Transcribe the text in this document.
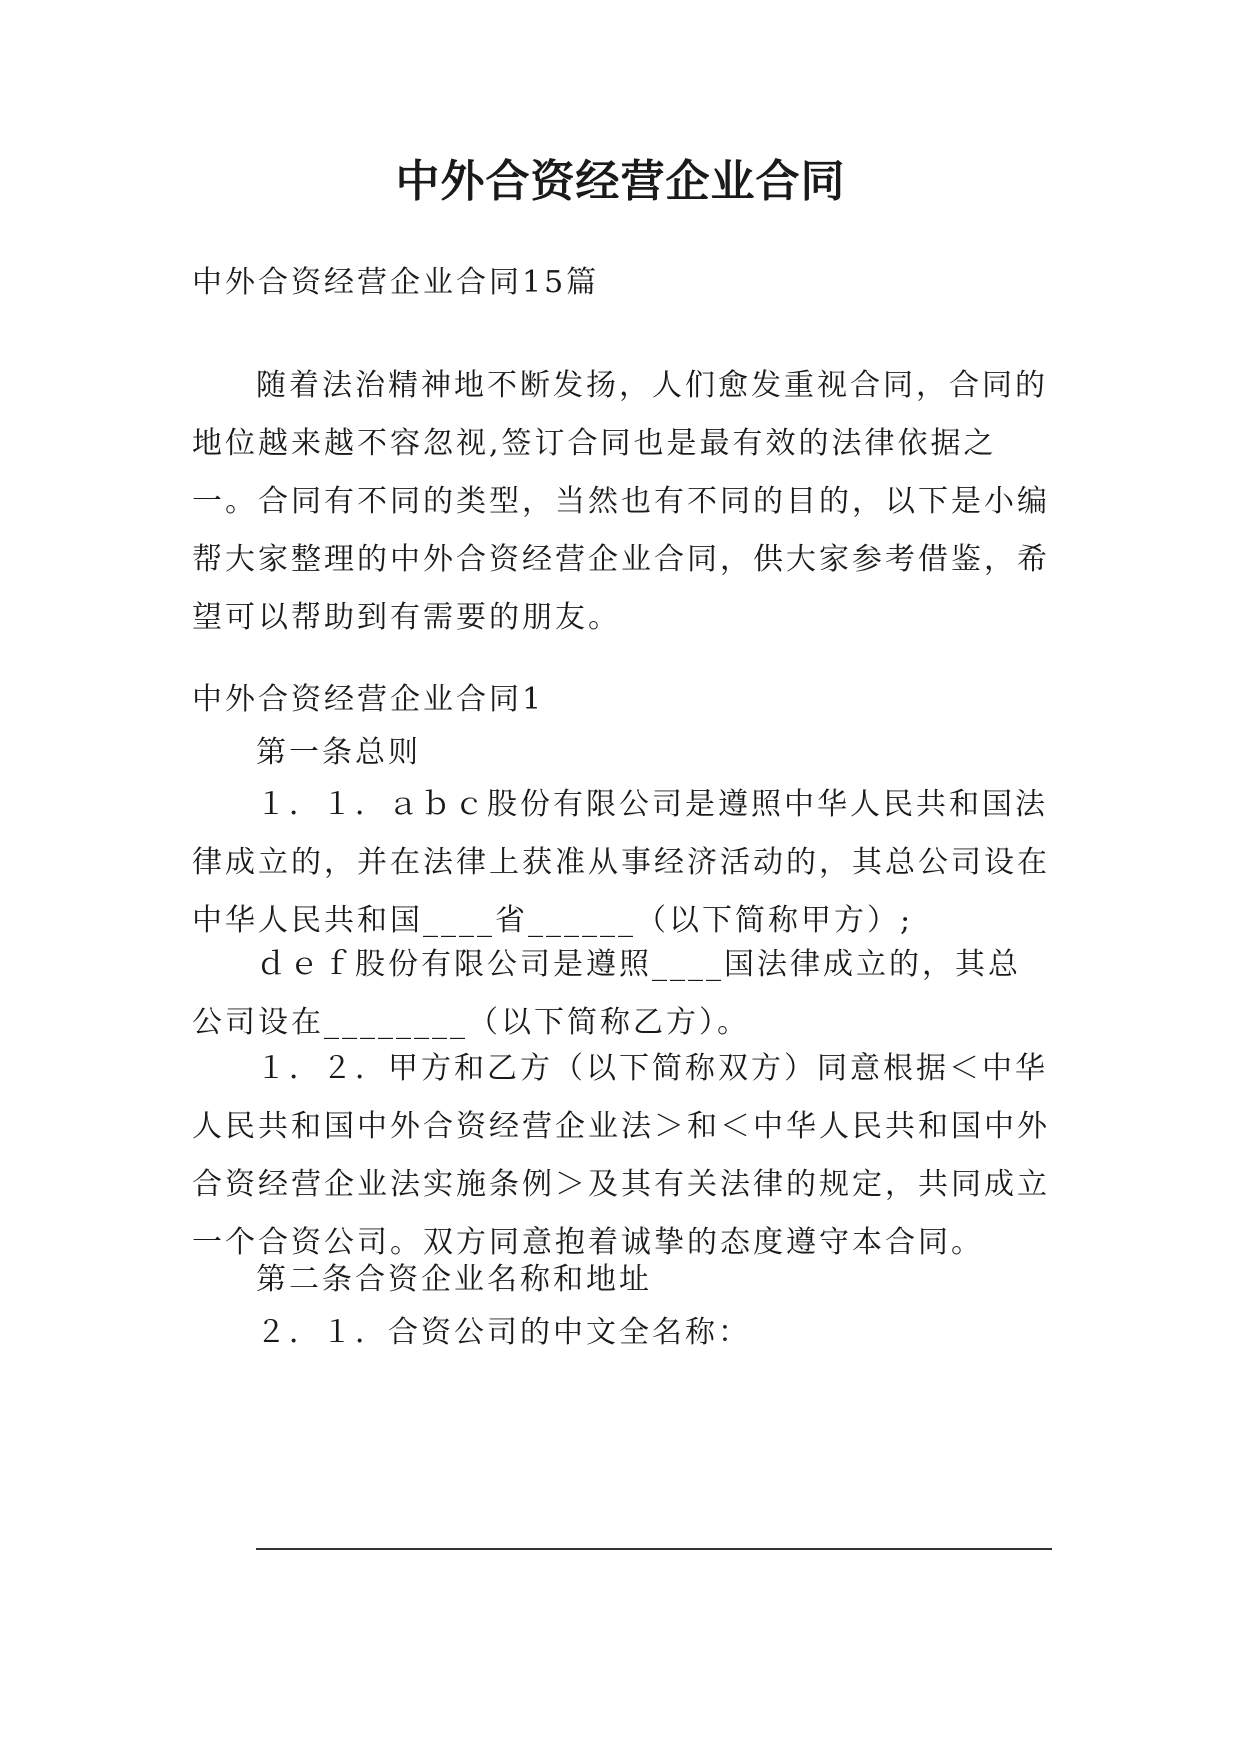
中外合资经营企业合同

中外合资经营企业合同15篇

随着法治精神地不断发扬，人们愈发重视合同，合同的地位越来越不容忽视,签订合同也是最有效的法律依据之一。合同有不同的类型，当然也有不同的目的，以下是小编帮大家整理的中外合资经营企业合同，供大家参考借鉴，希望可以帮助到有需要的朋友。

中外合资经营企业合同1

第一条总则

１．１．ａｂｃ股份有限公司是遵照中华人民共和国法律成立的，并在法律上获准从事经济活动的，其总公司设在中华人民共和国____省______（以下简称甲方）;

ｄｅｆ股份有限公司是遵照____国法律成立的，其总公司设在________（以下简称乙方）。

１．２．甲方和乙方（以下简称双方）同意根据＜中华人民共和国中外合资经营企业法＞和＜中华人民共和国中外合资经营企业法实施条例＞及其有关法律的规定，共同成立一个合资公司。双方同意抱着诚挚的态度遵守本合同。

第二条合资企业名称和地址

２．１．合资公司的中文全名称：
